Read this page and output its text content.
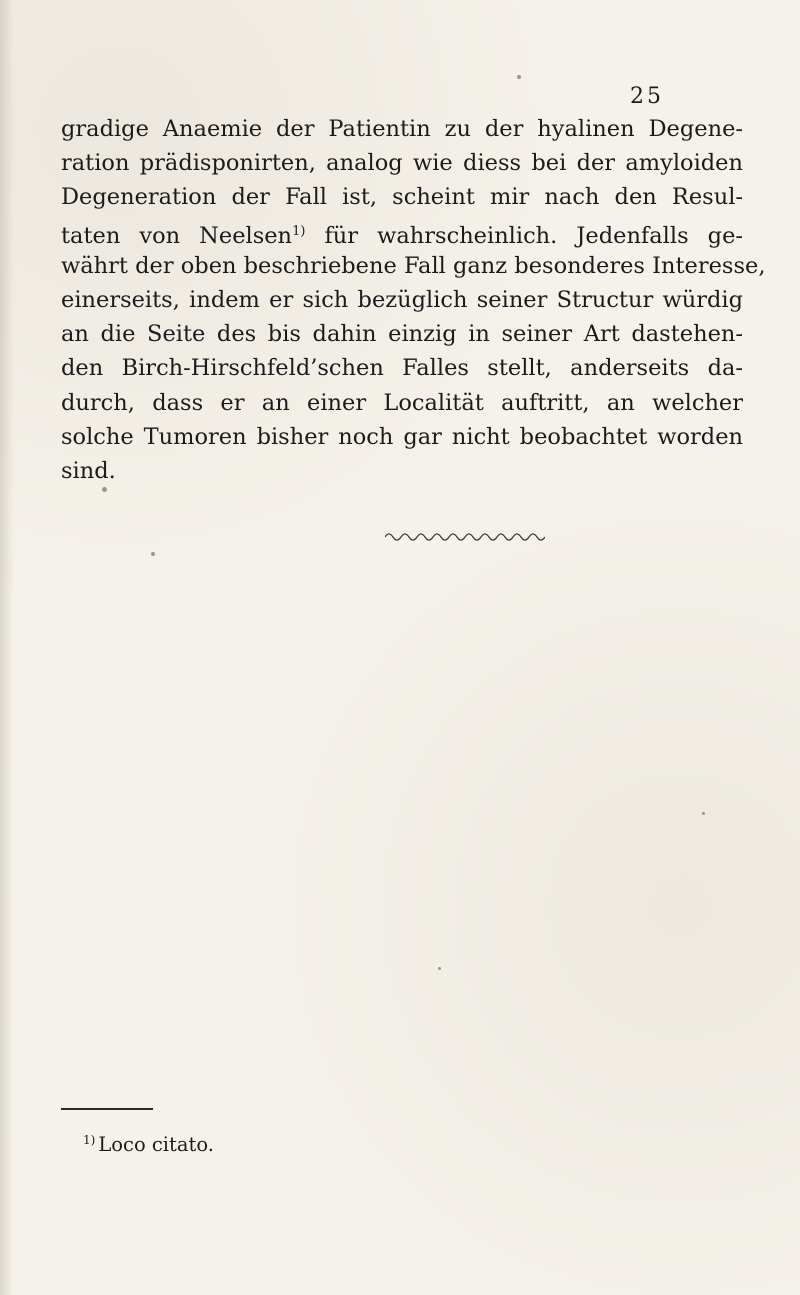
25
gradige Anaemie der Patientin zu der hyalinen Degene-
ration prädisponirten, analog wie diess bei der amyloiden
Degeneration der Fall ist, scheint mir nach den Resul-
taten von Neelsen$^{1)}$ für wahrscheinlich. Jedenfalls ge-
währt der oben beschriebene Fall ganz besonderes Interesse,
einerseits, indem er sich bezüglich seiner Structur würdig
an die Seite des bis dahin einzig in seiner Art dastehen-
den Birch-Hirschfeld’schen Falles stellt, anderseits da-
durch, dass er an einer Localität auftritt, an welcher
solche Tumoren bisher noch gar nicht beobachtet worden
sind.
$^{1)}$ Loco citato.
